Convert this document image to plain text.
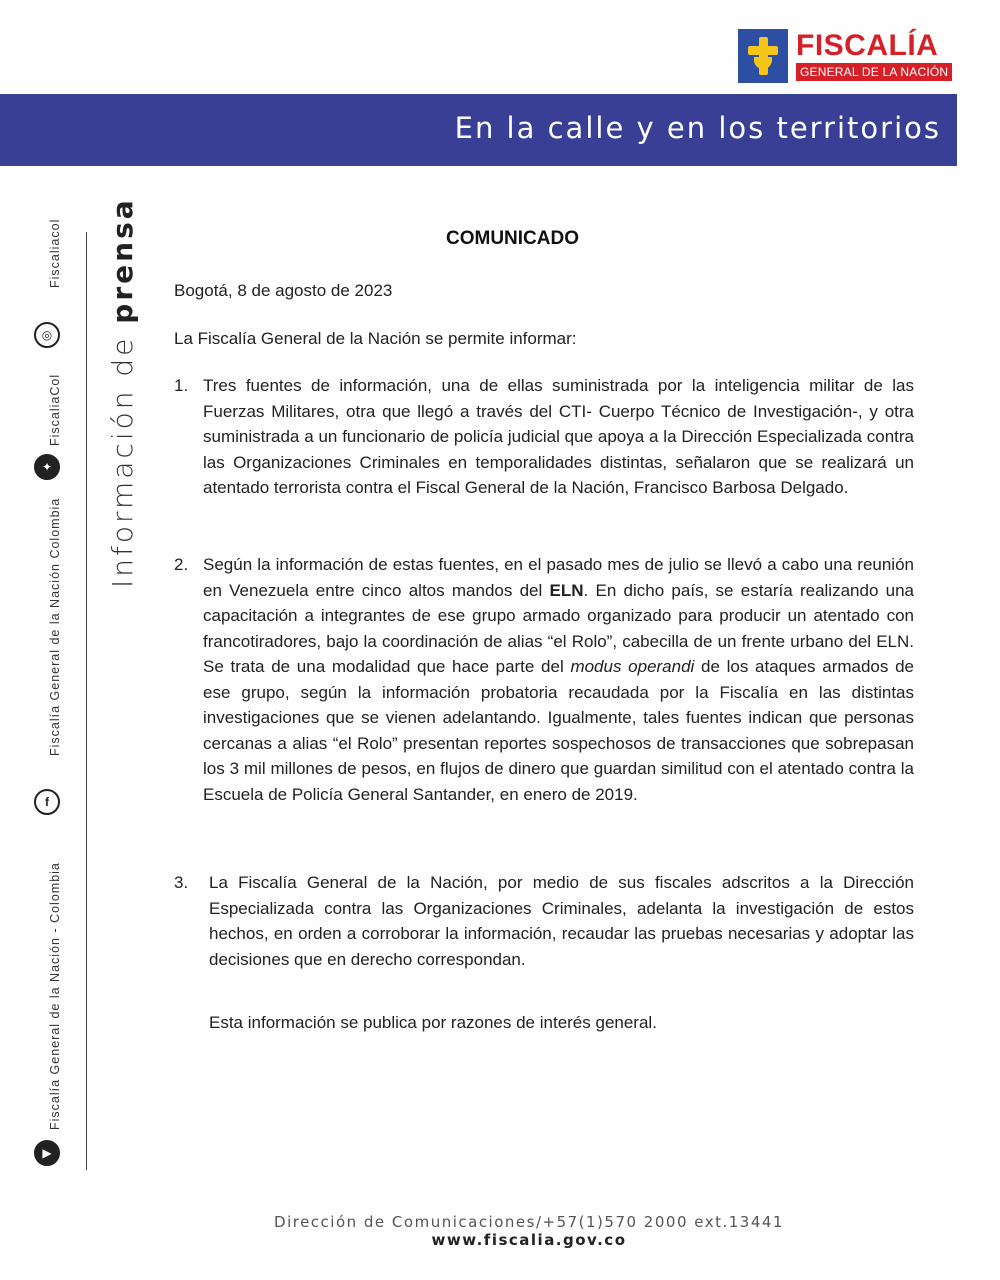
FISCALÍA
GENERAL DE LA NACIÓN
En la calle y en los territorios
Fiscaliacol
◎
FiscaliaCol
✦
Fiscalía General de la Nación Colombia
f
Fiscalía General de la Nación - Colombia
▶
Información de prensa	COMUNICADO
Bogotá, 8 de agosto de 2023
La Fiscalía General de la Nación se permite informar:
1. Tres fuentes de información, una de ellas suministrada por la inteligencia militar de las Fuerzas Militares, otra que llegó a través del CTI- Cuerpo Técnico de Investigación-, y otra suministrada a un funcionario de policía judicial que apoya a la Dirección Especializada contra las Organizaciones Criminales en temporalidades distintas, señalaron que se realizará un atentado terrorista contra el Fiscal General de la Nación, Francisco Barbosa Delgado.
2. Según la información de estas fuentes, en el pasado mes de julio se llevó a cabo una reunión en Venezuela entre cinco altos mandos del ELN. En dicho país, se estaría realizando una capacitación a integrantes de ese grupo armado organizado para producir un atentado con francotiradores, bajo la coordinación de alias “el Rolo”, cabecilla de un frente urbano del ELN. Se trata de una modalidad que hace parte del modus operandi de los ataques armados de ese grupo, según la información probatoria recaudada por la Fiscalía en las distintas investigaciones que se vienen adelantando. Igualmente, tales fuentes indican que personas cercanas a alias “el Rolo” presentan reportes sospechosos de transacciones que sobrepasan los 3 mil millones de pesos, en flujos de dinero que guardan similitud con el atentado contra la Escuela de Policía General Santander, en enero de 2019.
3. La Fiscalía General de la Nación, por medio de sus fiscales adscritos a la Dirección Especializada contra las Organizaciones Criminales, adelanta la investigación de estos hechos, en orden a corroborar la información, recaudar las pruebas necesarias y adoptar las decisiones que en derecho correspondan.
Esta información se publica por razones de interés general.
Dirección de Comunicaciones/+57(1)570 2000 ext.13441
www.fiscalia.gov.co
